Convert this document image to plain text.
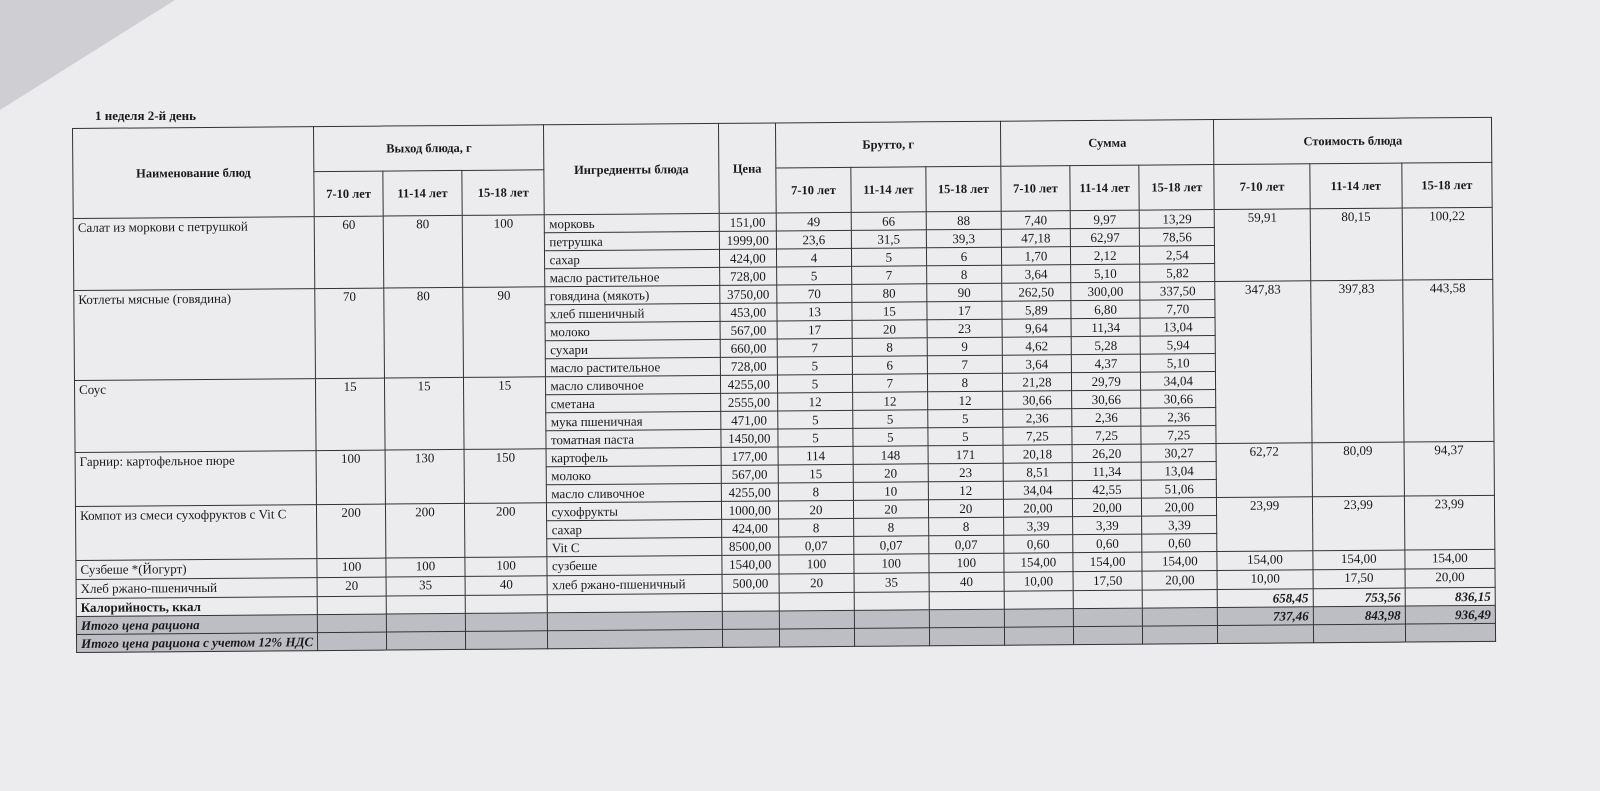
1 неделя 2-й день
Наименование блюд	Выход блюда, г			Ингредиенты блюда	Цена	Брутто, г			Сумма			Стоимость блюда		
	7-10 лет	11-14 лет	15-18 лет			7-10 лет	11-14 лет	15-18 лет	7-10 лет	11-14 лет	15-18 лет	7-10 лет	11-14 лет	15-18 лет
Салат из моркови с петрушкой	60	80	100	морковь	151,00	49	66	88	7,40	9,97	13,29	59,91	80,15	100,22
				петрушка	1999,00	23,6	31,5	39,3	47,18	62,97	78,56			
				сахар	424,00	4	5	6	1,70	2,12	2,54			
				масло растительное	728,00	5	7	8	3,64	5,10	5,82			
Котлеты мясные (говядина)	70	80	90	говядина (мякоть)	3750,00	70	80	90	262,50	300,00	337,50	347,83	397,83	443,58
				хлеб пшеничный	453,00	13	15	17	5,89	6,80	7,70			
				молоко	567,00	17	20	23	9,64	11,34	13,04			
				сухари	660,00	7	8	9	4,62	5,28	5,94			
				масло растительное	728,00	5	6	7	3,64	4,37	5,10			
Соус	15	15	15	масло сливочное	4255,00	5	7	8	21,28	29,79	34,04			
				сметана	2555,00	12	12	12	30,66	30,66	30,66			
				мука пшеничная	471,00	5	5	5	2,36	2,36	2,36			
				томатная паста	1450,00	5	5	5	7,25	7,25	7,25			
Гарнир: картофельное пюре	100	130	150	картофель	177,00	114	148	171	20,18	26,20	30,27	62,72	80,09	94,37
				молоко	567,00	15	20	23	8,51	11,34	13,04			
				масло сливочное	4255,00	8	10	12	34,04	42,55	51,06			
Компот из смеси сухофруктов с Vit C	200	200	200	сухофрукты	1000,00	20	20	20	20,00	20,00	20,00	23,99	23,99	23,99
				сахар	424,00	8	8	8	3,39	3,39	3,39			
				Vit C	8500,00	0,07	0,07	0,07	0,60	0,60	0,60			
Сузбеше *(Йогурт)	100	100	100	сузбеше	1540,00	100	100	100	154,00	154,00	154,00	154,00	154,00	154,00
Хлеб ржано-пшеничный	20	35	40	хлеб ржано-пшеничный	500,00	20	35	40	10,00	17,50	20,00	10,00	17,50	20,00
Калорийность, ккал												658,45	753,56	836,15
Итого цена рациона												737,46	843,98	936,49
Итого цена рациона с учетом 12% НДС														
